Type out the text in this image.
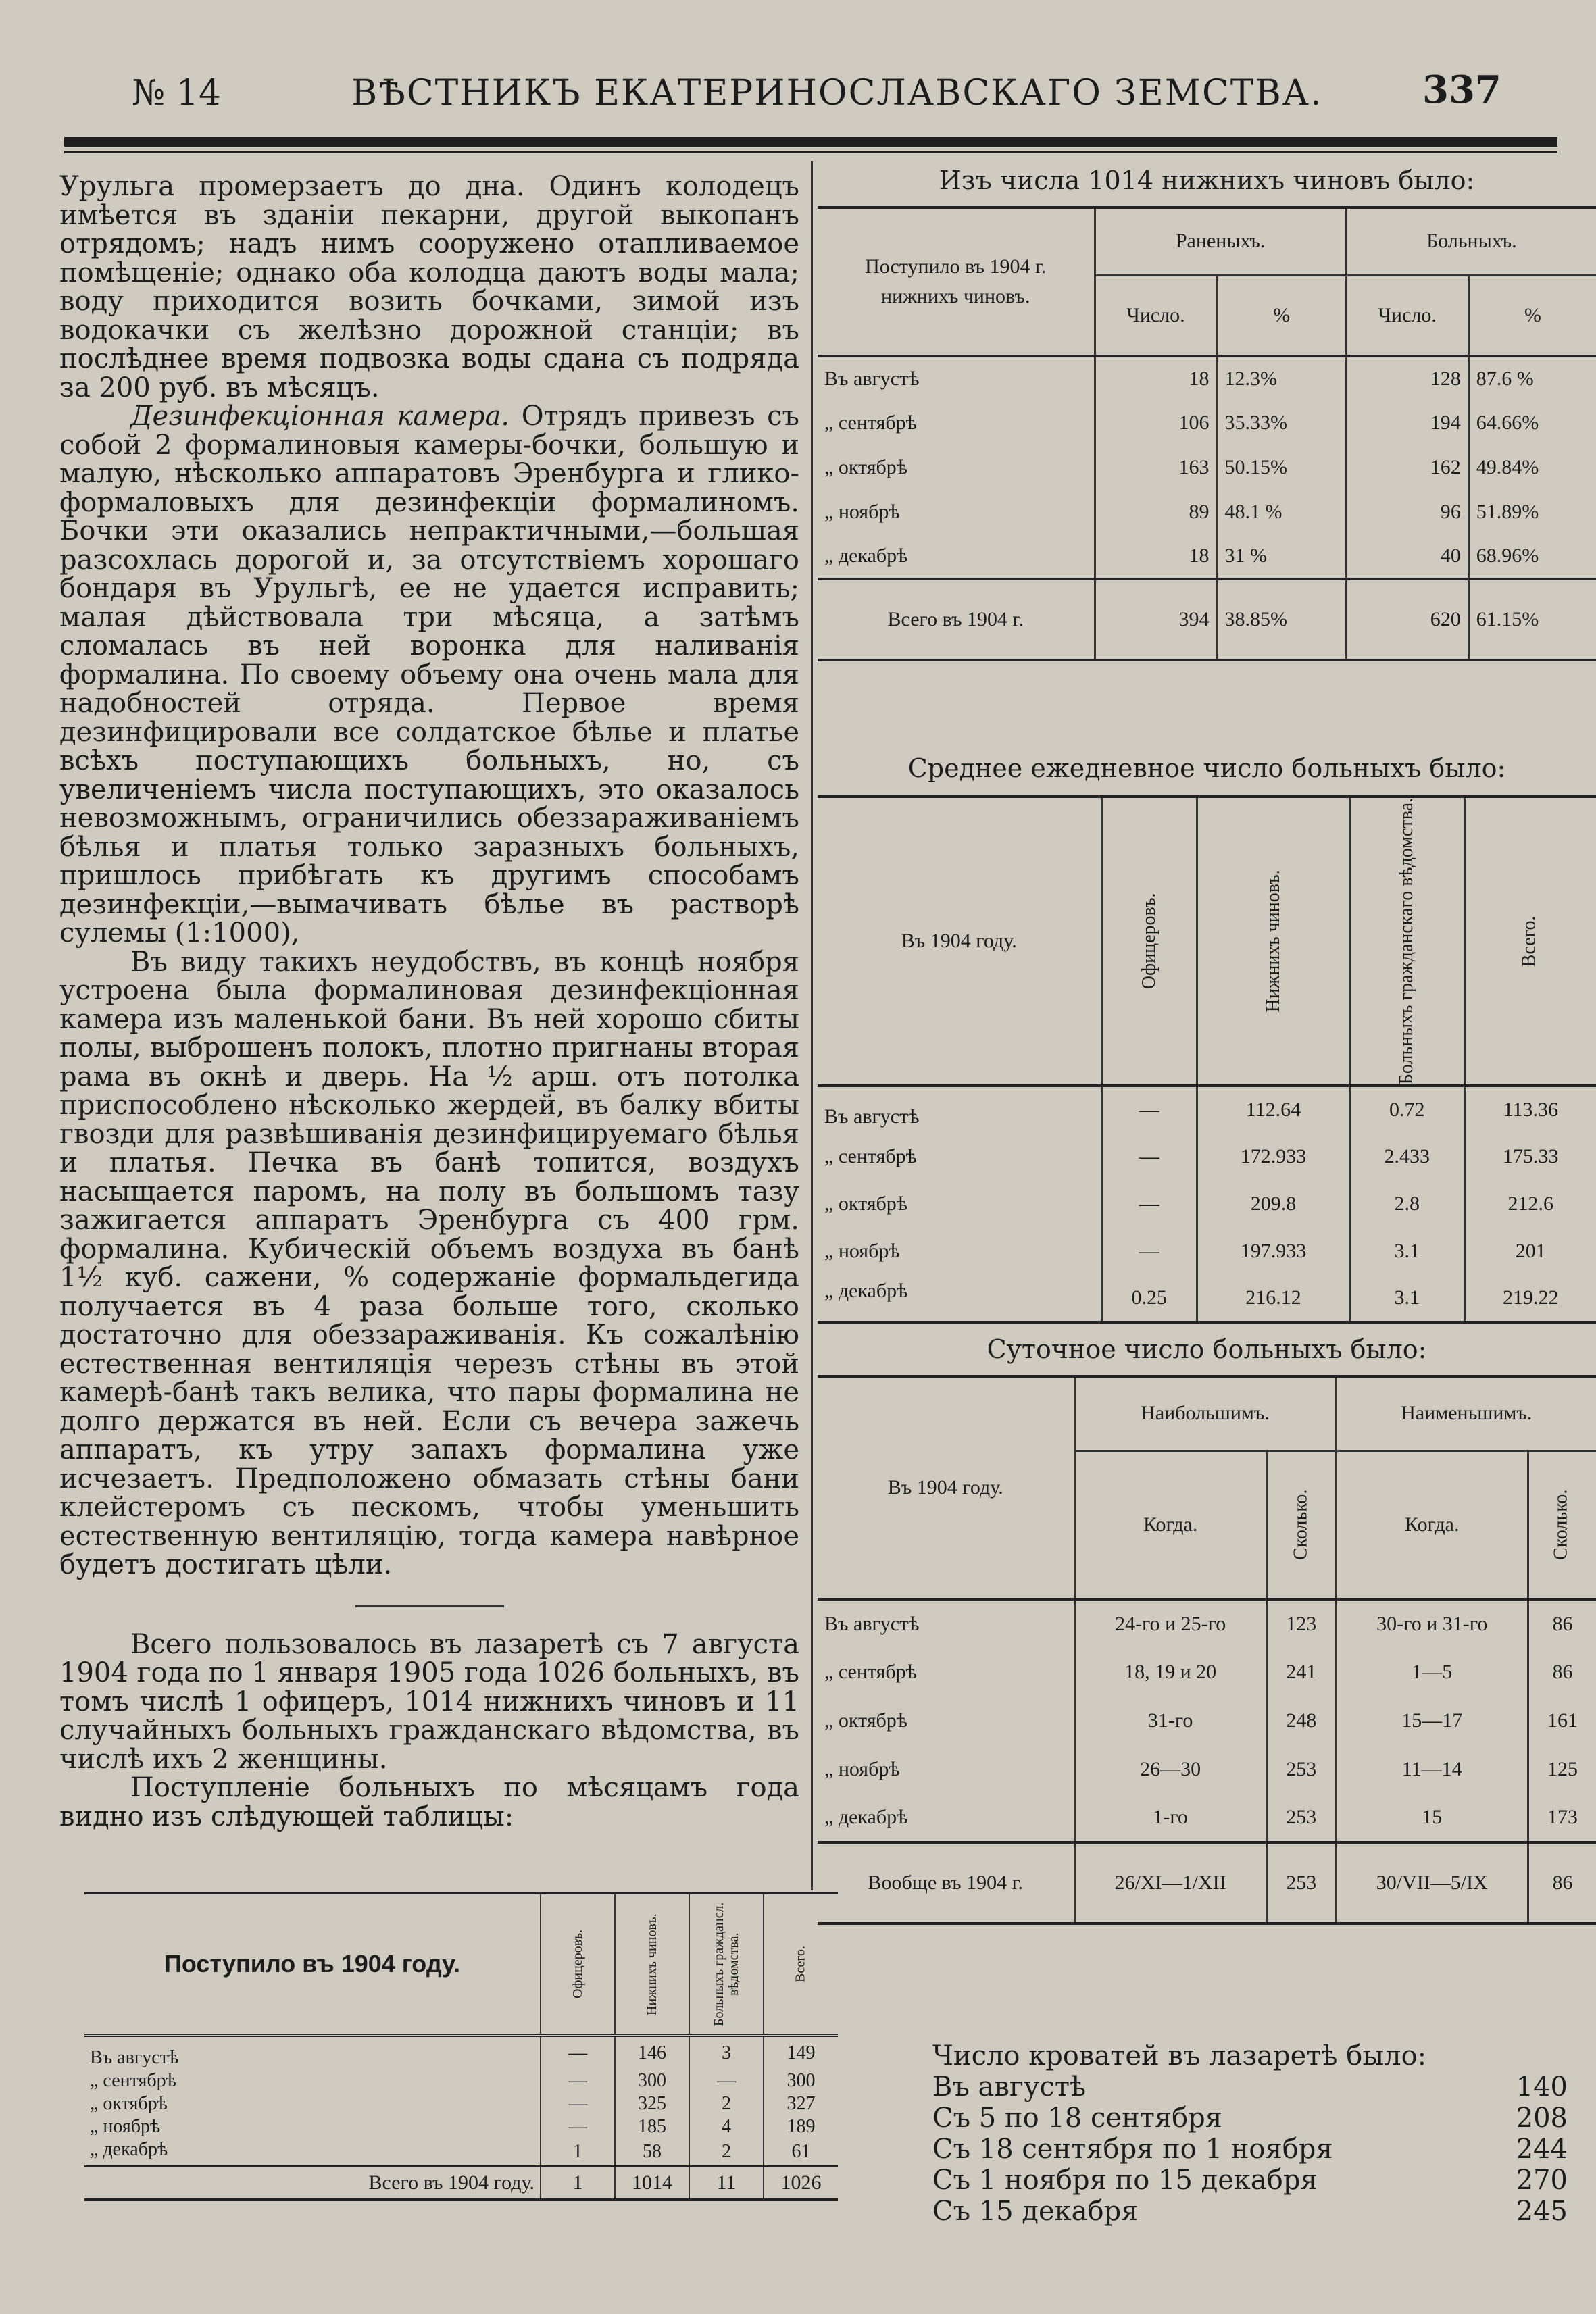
№ 14	ВѢСТНИКЪ ЕКАТЕРИНОСЛАВСКАГО ЗЕМСТВА.	337

Урульга промерзаетъ до дна. Одинъ колодецъ имѣется въ зданіи пекарни, другой выкопанъ отрядомъ; надъ нимъ сооружено отапливаемое помѣщеніе; однако оба колодца даютъ воды мала; воду приходится возить бочками, зимой изъ водокачки съ желѣзно дорожной станціи; въ послѣднее время подвозка воды сдана съ подряда за 200 руб. въ мѣсяцъ.

Дезинфекціонная камера. Отрядъ привезъ съ собой 2 формалиновыя камеры-бочки, большую и малую, нѣсколько аппаратовъ Эренбурга и глико-формаловыхъ для дезинфекціи формалиномъ. Бочки эти оказались непрактичными,—большая разсохлась дорогой и, за отсутствіемъ хорошаго бондаря въ Урульгѣ, ее не удается исправить; малая дѣйствовала три мѣсяца, а затѣмъ сломалась въ ней воронка для наливанія формалина. По своему объему она очень мала для надобностей отряда. Первое время дезинфицировали все солдатское бѣлье и платье всѣхъ поступающихъ больныхъ, но, съ увеличеніемъ числа поступающихъ, это оказалось невозможнымъ, ограничились обеззараживаніемъ бѣлья и платья только заразныхъ больныхъ, пришлось прибѣгать къ другимъ способамъ дезинфекціи,—вымачивать бѣлье въ растворѣ сулемы (1:1000),

Въ виду такихъ неудобствъ, въ концѣ ноября устроена была формалиновая дезинфекціонная камера изъ маленькой бани. Въ ней хорошо сбиты полы, выброшенъ полокъ, плотно пригнаны вторая рама въ окнѣ и дверь. На ½ арш. отъ потолка приспособлено нѣсколько жердей, въ балку вбиты гвозди для развѣшиванія дезинфицируемаго бѣлья и платья. Печка въ банѣ топится, воздухъ насыщается паромъ, на полу въ большомъ тазу зажигается аппаратъ Эренбурга съ 400 грм. формалина. Кубическій объемъ воздуха въ банѣ 1½ куб. сажени, % содержаніе формальдегида получается въ 4 раза больше того, сколько достаточно для обеззараживанія. Къ сожалѣнію естественная вентиляція черезъ стѣны въ этой камерѣ-банѣ такъ велика, что пары формалина не долго держатся въ ней. Если съ вечера зажечь аппаратъ, къ утру запахъ формалина уже исчезаетъ. Предположено обмазать стѣны бани клейстеромъ съ пескомъ, чтобы уменьшить естественную вентиляцію, тогда камера навѣрное будетъ достигать цѣли.

Всего пользовалось въ лазаретѣ съ 7 августа 1904 года по 1 января 1905 года 1026 больныхъ, въ томъ числѣ 1 офицеръ, 1014 нижнихъ чиновъ и 11 случайныхъ больныхъ гражданскаго вѣдомства, въ числѣ ихъ 2 женщины.

Поступленіе больныхъ по мѣсяцамъ года видно изъ слѣдующей таблицы:

Поступило въ 1904 году.	Офицеровъ.	Нижнихъ чиновъ.	Больныхъ граждансл. вѣдомства.	Всего.
Въ августѣ	—	146	3	149
„ сентябрѣ	—	300	—	300
„ октябрѣ	—	325	2	327
„ ноябрѣ	—	185	4	189
„ декабрѣ	1	58	2	61
Всего въ 1904 году.	1	1014	11	1026
Изъ числа 1014 нижнихъ чиновъ было:
Поступило въ 1904 г. нижнихъ чиновъ.	Раненыхъ.		Больныхъ.	
	Число.	%	Число.	%
Въ августѣ	18	12.3%	128	87.6 %
„ сентябрѣ	106	35.33%	194	64.66%
„ октябрѣ	163	50.15%	162	49.84%
„ ноябрѣ	89	48.1 %	96	51.89%
„ декабрѣ	18	31 %	40	68.96%
Всего въ 1904 г.	394	38.85%	620	61.15%
Среднее ежедневное число больныхъ было:
Въ 1904 году.	Офицеровъ.	Нижнихъ чиновъ.	Больныхъ гражданскаго вѣдомства.	Всего.
Въ августѣ	—	112.64	0.72	113.36
„ сентябрѣ	—	172.933	2.433	175.33
„ октябрѣ	—	209.8	2.8	212.6
„ ноябрѣ	—	197.933	3.1	201
„ декабрѣ	0.25	216.12	3.1	219.22
Суточное число больныхъ было:
Въ 1904 году.	Наибольшимъ.		Наименьшимъ.	
	Когда.	Сколько.	Когда.	Сколько.
Въ августѣ	24-го и 25-го	123	30-го и 31-го	86
„ сентябрѣ	18, 19 и 20	241	1—5	86
„ октябрѣ	31-го	248	15—17	161
„ ноябрѣ	26—30	253	11—14	125
„ декабрѣ	1-го	253	15	173
Вообще въ 1904 г.	26/XI—1/XII	253	30/VII—5/IX	86
Число кроватей въ лазаретѣ было:
Въ августѣ	140
Съ 5 по 18 сентября	208
Съ 18 сентября по 1 ноября	244
Съ 1 ноября по 15 декабря	270
Съ 15 декабря	245
